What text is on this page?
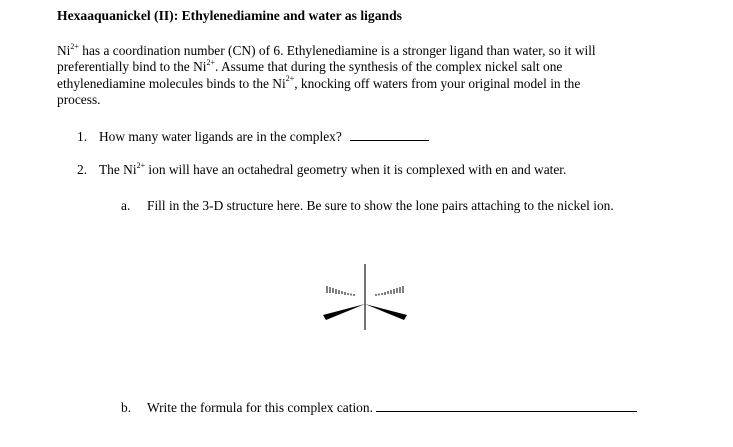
Hexaaquanickel (II): Ethylenediamine and water as ligands
$Ni^{2+}$ has a coordination number (CN) of 6. Ethylenediamine is a stronger ligand than water, so it will
preferentially bind to the $Ni^{2+}$. Assume that during the synthesis of the complex nickel salt one
ethylenediamine molecules binds to the $Ni^{2+}$, knocking off waters from your original model in the
process.
1. How many water ligands are in the complex?
2. The $Ni^{2+}$ ion will have an octahedral geometry when it is complexed with en and water.
a. Fill in the 3-D structure here. Be sure to show the lone pairs attaching to the nickel ion.
b. Write the formula for this complex cation.
